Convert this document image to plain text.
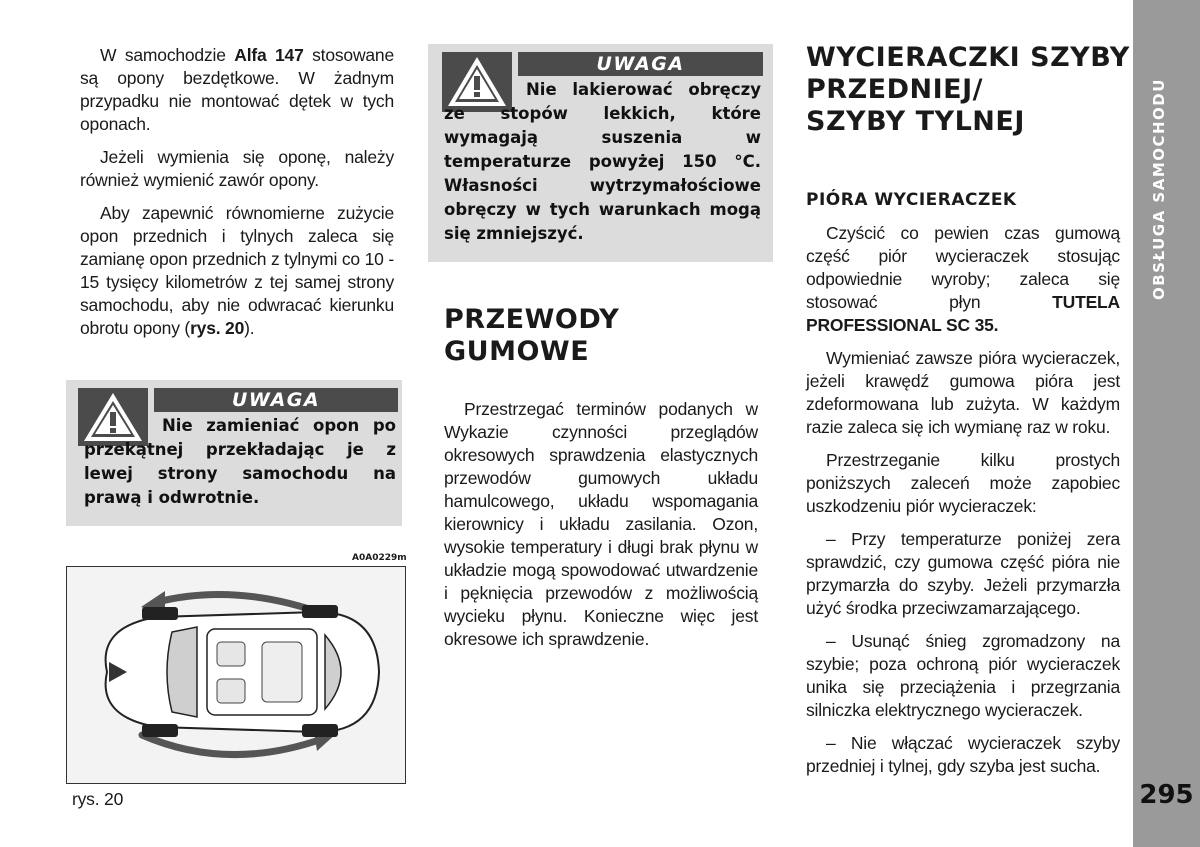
W samochodzie Alfa 147 stosowane są opony bezdętkowe. W żadnym przypadku nie montować dętek w tych oponach.

Jeżeli wymienia się oponę, należy również wymienić zawór opony.

Aby zapewnić równomierne zużycie opon przednich i tylnych zaleca się zamianę opon przednich z tylnymi co 10 - 15 tysięcy kilometrów z tej samej strony samochodu, aby nie odwracać kierunku obrotu opony (rys. 20).

UWAGA
Nie zamieniać opon po przekątnej przekładając je z lewej strony samochodu na prawą i odwrotnie.
A0A0229m
rys. 20
UWAGA
Nie lakierować obręczy ze stopów lekkich, które wymagają suszenia w temperaturze powyżej 150 °C. Własności wytrzymałościowe obręczy w tych warunkach mogą się zmniejszyć.
PRZEWODY
GUMOWE

Przestrzegać terminów podanych w Wykazie czynności przeglądów okresowych sprawdzenia elastycznych przewodów gumowych układu hamulcowego, układu wspomagania kierownicy i układu zasilania. Ozon, wysokie temperatury i długi brak płynu w układzie mogą spowodować utwardzenie i pęknięcia przewodów z możliwością wycieku płynu. Konieczne więc jest okresowe ich sprawdzenie.

WYCIERACZKI SZYBY
PRZEDNIEJ/
SZYBY TYLNEJ
PIÓRA WYCIERACZEK

Czyścić co pewien czas gumową część piór wycieraczek stosując odpowiednie wyroby; zaleca się stosować płyn TUTELA PROFESSIONAL SC 35.

Wymieniać zawsze pióra wycieraczek, jeżeli krawędź gumowa pióra jest zdeformowana lub zużyta. W każdym razie zaleca się ich wymianę raz w roku.

Przestrzeganie kilku prostych poniższych zaleceń może zapobiec uszkodzeniu piór wycieraczek:

– Przy temperaturze poniżej zera sprawdzić, czy gumowa część pióra nie przymarzła do szyby. Jeżeli przymarzła użyć środka przeciwzamarzającego.

– Usunąć śnieg zgromadzony na szybie; poza ochroną piór wycieraczek unika się przeciążenia i przegrzania silniczka elektrycznego wycieraczek.

– Nie włączać wycieraczek szyby przedniej i tylnej, gdy szyba jest sucha.

OBSŁUGA SAMOCHODU
295
